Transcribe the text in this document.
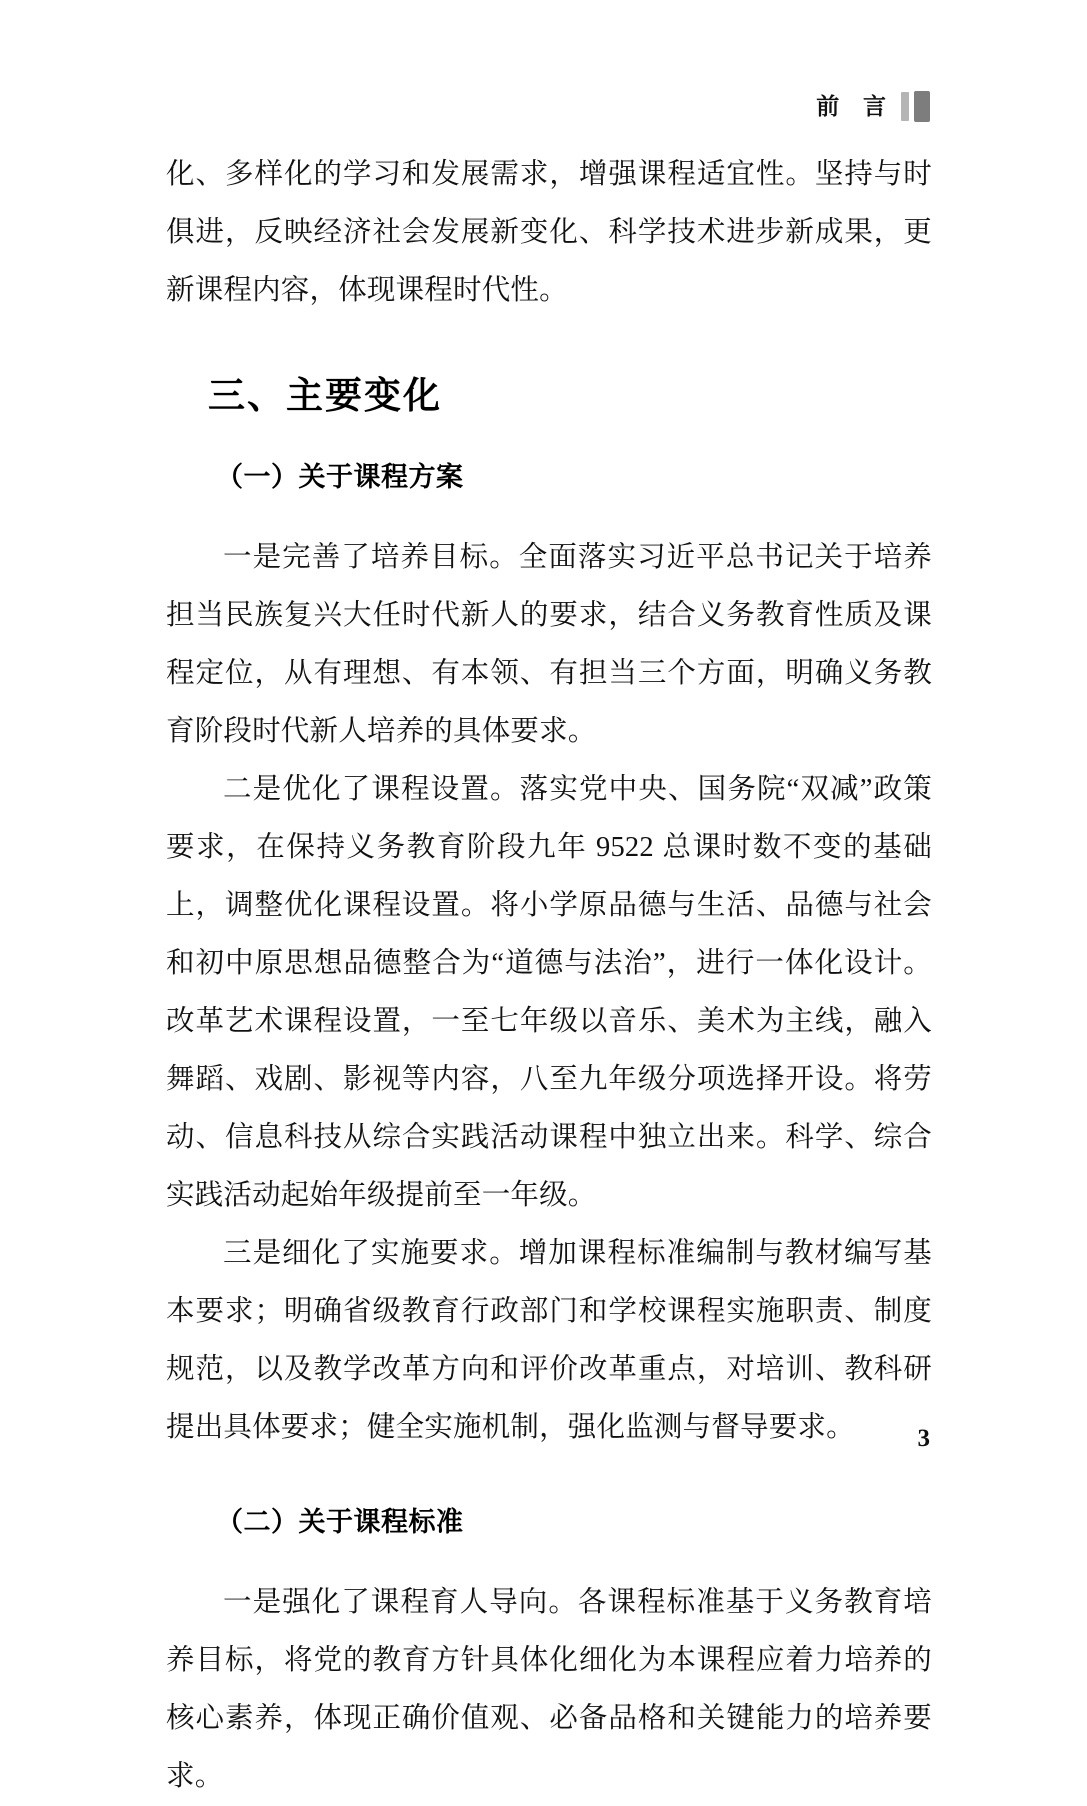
前 言

化、多样化的学习和发展需求，增强课程适宜性。坚持与时俱进，反映经济社会发展新变化、科学技术进步新成果，更新课程内容，体现课程时代性。

三、主要变化
（一）关于课程方案

一是完善了培养目标。全面落实习近平总书记关于培养担当民族复兴大任时代新人的要求，结合义务教育性质及课程定位，从有理想、有本领、有担当三个方面，明确义务教育阶段时代新人培养的具体要求。

二是优化了课程设置。落实党中央、国务院“双减”政策要求，在保持义务教育阶段九年 9522 总课时数不变的基础上，调整优化课程设置。将小学原品德与生活、品德与社会和初中原思想品德整合为“道德与法治”，进行一体化设计。改革艺术课程设置，一至七年级以音乐、美术为主线，融入舞蹈、戏剧、影视等内容，八至九年级分项选择开设。将劳动、信息科技从综合实践活动课程中独立出来。科学、综合实践活动起始年级提前至一年级。

三是细化了实施要求。增加课程标准编制与教材编写基本要求；明确省级教育行政部门和学校课程实施职责、制度规范，以及教学改革方向和评价改革重点，对培训、教科研提出具体要求；健全实施机制，强化监测与督导要求。

（二）关于课程标准

一是强化了课程育人导向。各课程标准基于义务教育培养目标，将党的教育方针具体化细化为本课程应着力培养的核心素养，体现正确价值观、必备品格和关键能力的培养要求。

3
